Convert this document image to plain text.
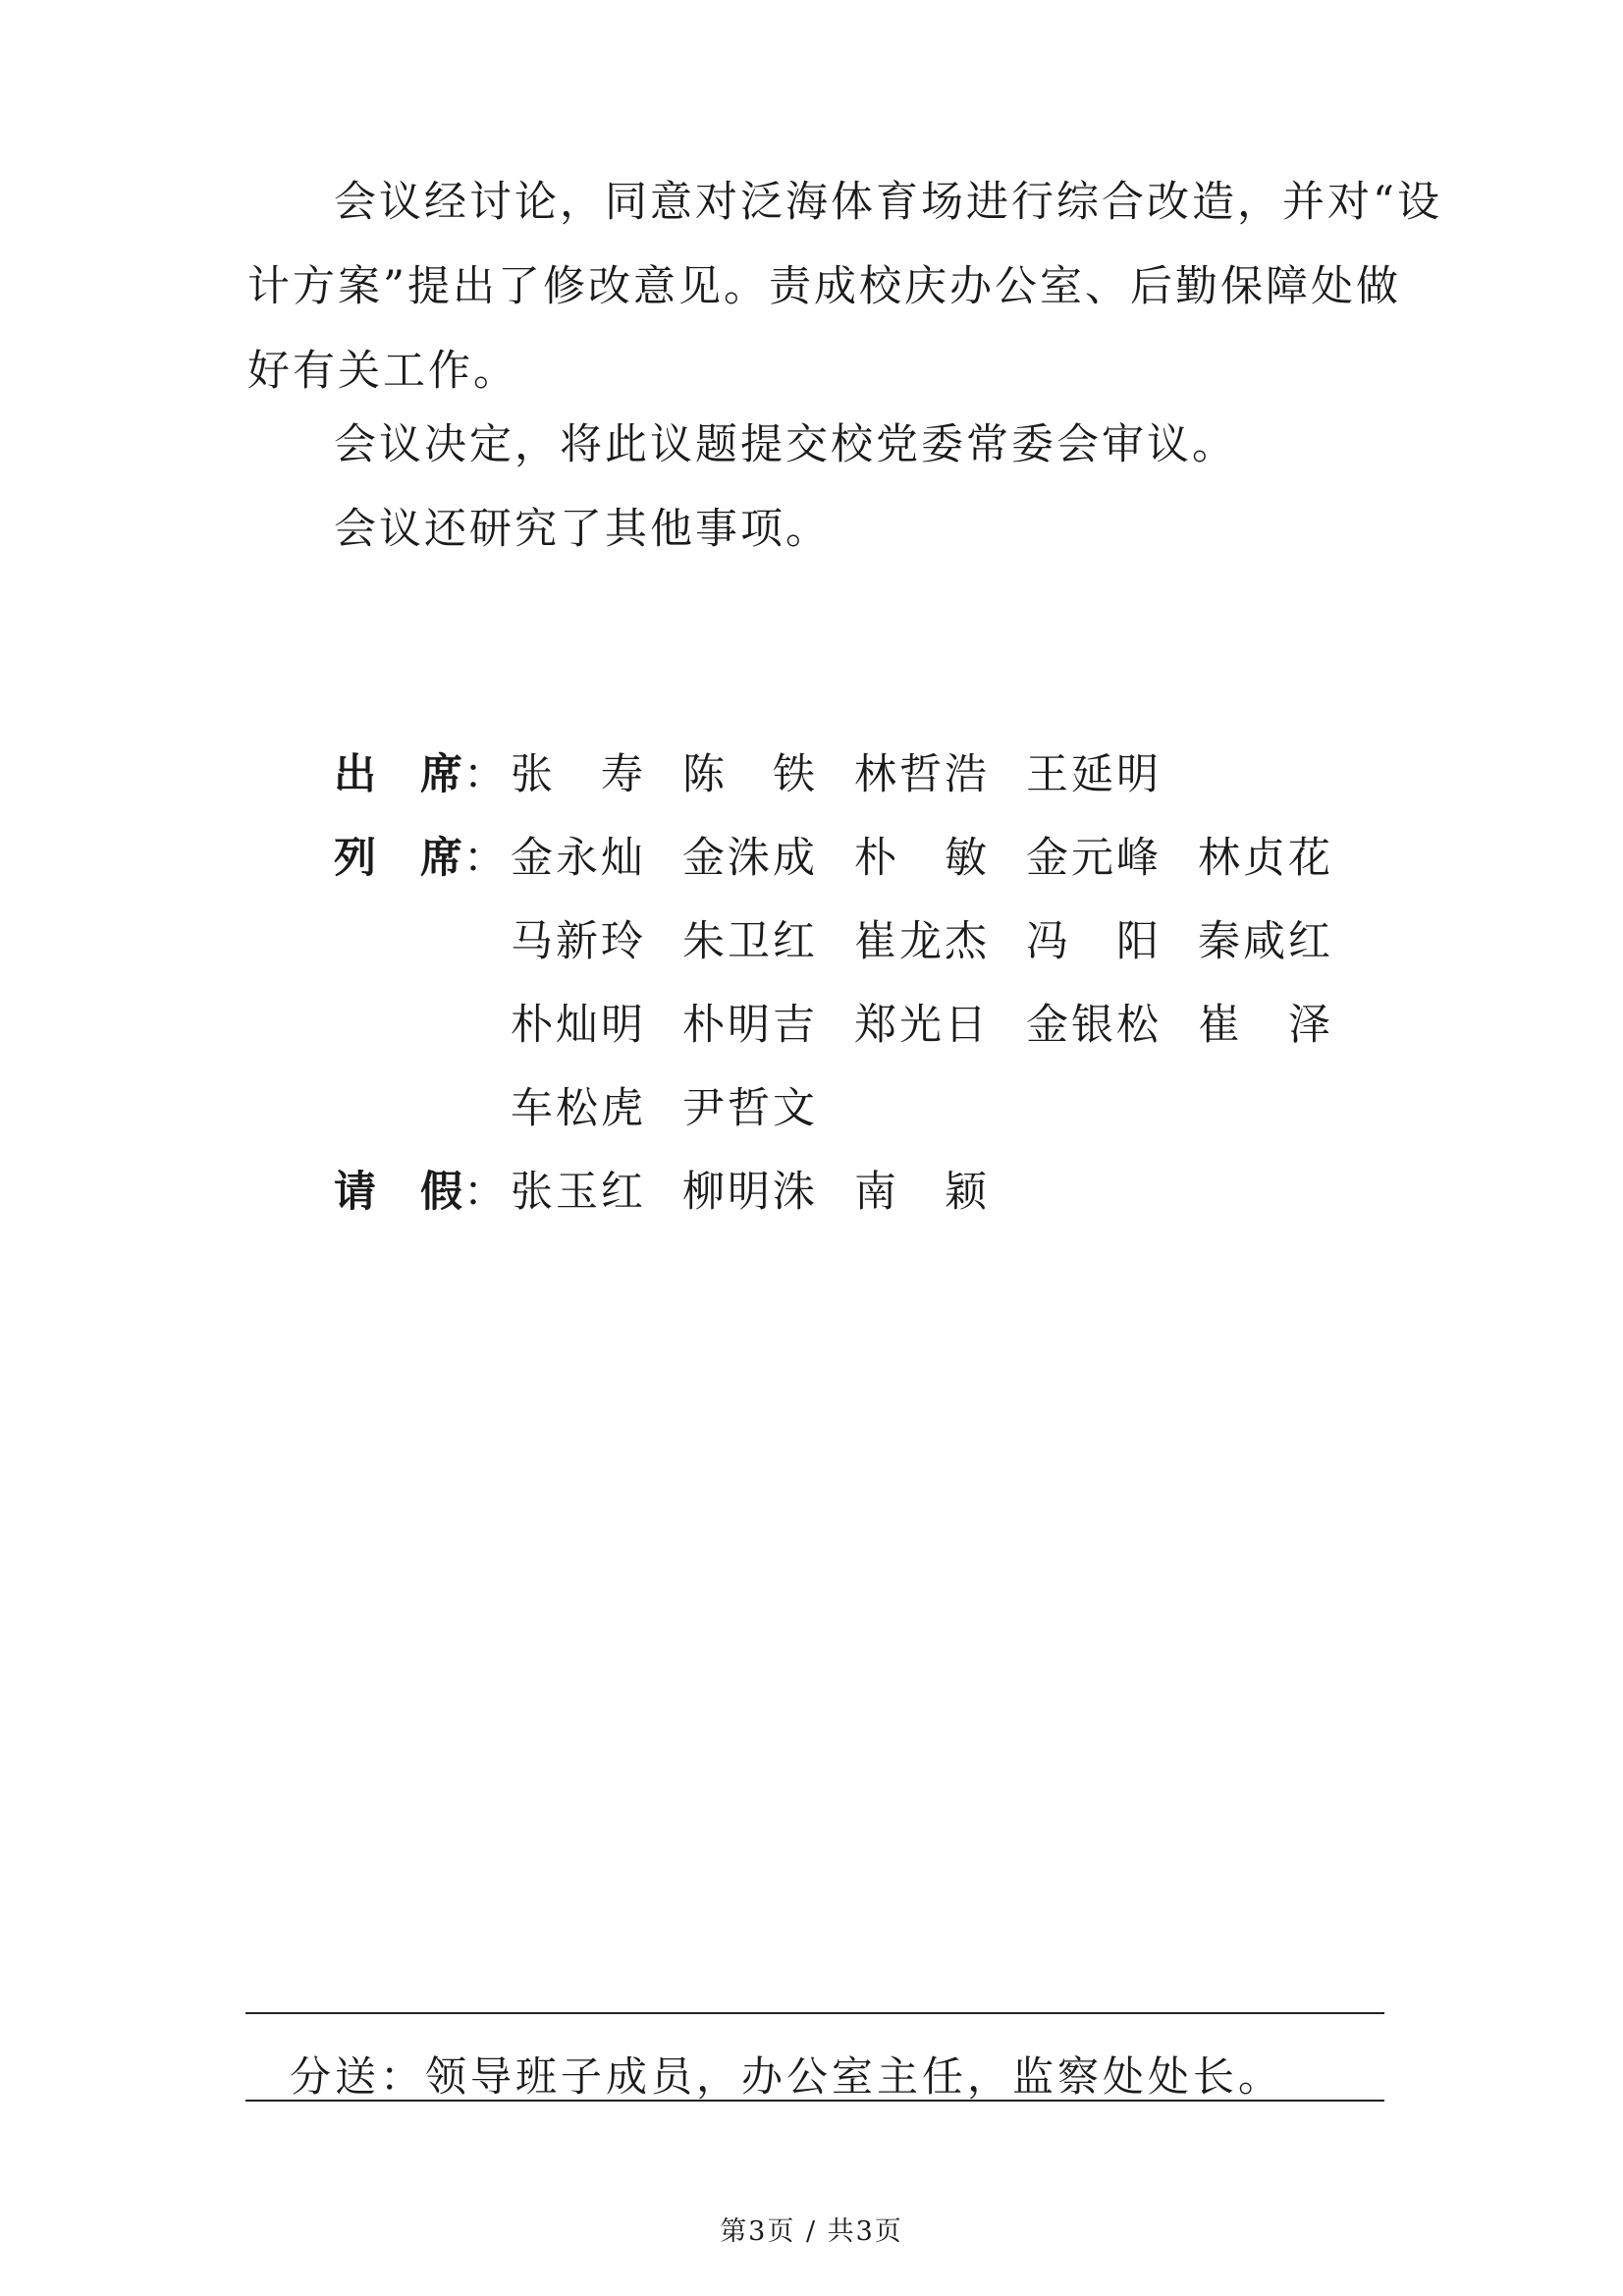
会议经讨论，同意对泛海体育场进行综合改造，并对“设
计方案”提出了修改意见。责成校庆办公室、后勤保障处做
好有关工作。

会议决定，将此议题提交校党委常委会审议。

会议还研究了其他事项。

出 席 ： 张　寿 陈　铁 林哲浩 王延明
列 席 ： 金永灿 金洙成 朴　敏 金元峰 林贞花
马新玲 朱卫红 崔龙杰 冯　阳 秦咸红
朴灿明 朴明吉 郑光日 金银松 崔　泽
车松虎 尹哲文
请 假 ： 张玉红 柳明洙 南　颖
分送：领导班子成员，办公室主任，监察处处长。
第3页 / 共3页
